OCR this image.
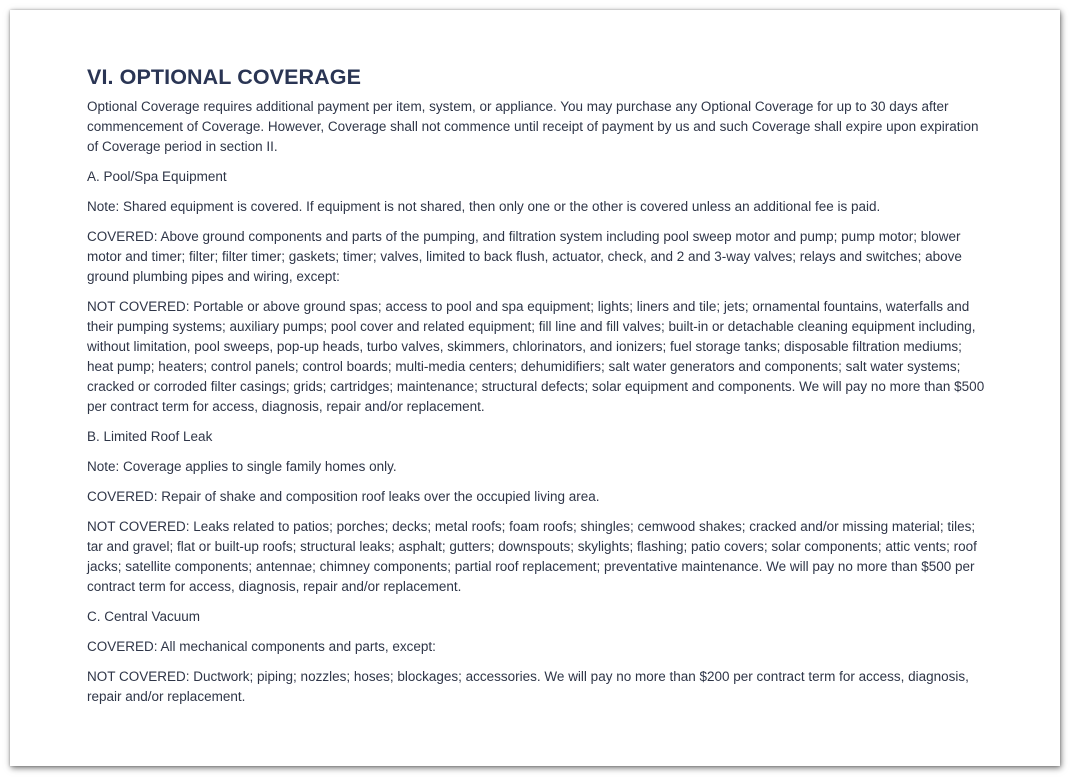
VI. OPTIONAL COVERAGE

Optional Coverage requires additional payment per item, system, or appliance. You may purchase any Optional Coverage for up to 30 days after commencement of Coverage. However, Coverage shall not commence until receipt of payment by us and such Coverage shall expire upon expiration of Coverage period in section II.

A. Pool/Spa Equipment

Note: Shared equipment is covered. If equipment is not shared, then only one or the other is covered unless an additional fee is paid.

COVERED: Above ground components and parts of the pumping, and filtration system including pool sweep motor and pump; pump motor; blower motor and timer; filter; filter timer; gaskets; timer; valves, limited to back flush, actuator, check, and 2 and 3-way valves; relays and switches; above ground plumbing pipes and wiring, except:

NOT COVERED: Portable or above ground spas; access to pool and spa equipment; lights; liners and tile; jets; ornamental fountains, waterfalls and their pumping systems; auxiliary pumps; pool cover and related equipment; fill line and fill valves; built-in or detachable cleaning equipment including, without limitation, pool sweeps, pop-up heads, turbo valves, skimmers, chlorinators, and ionizers; fuel storage tanks; disposable filtration mediums; heat pump; heaters; control panels; control boards; multi-media centers; dehumidifiers; salt water generators and components; salt water systems; cracked or corroded filter casings; grids; cartridges; maintenance; structural defects; solar equipment and components. We will pay no more than $500 per contract term for access, diagnosis, repair and/or replacement.

B. Limited Roof Leak

Note: Coverage applies to single family homes only.

COVERED: Repair of shake and composition roof leaks over the occupied living area.

NOT COVERED: Leaks related to patios; porches; decks; metal roofs; foam roofs; shingles; cemwood shakes; cracked and/or missing material; tiles; tar and gravel; flat or built-up roofs; structural leaks; asphalt; gutters; downspouts; skylights; flashing; patio covers; solar components; attic vents; roof jacks; satellite components; antennae; chimney components; partial roof replacement; preventative maintenance. We will pay no more than $500 per contract term for access, diagnosis, repair and/or replacement.

C. Central Vacuum

COVERED: All mechanical components and parts, except:

NOT COVERED: Ductwork; piping; nozzles; hoses; blockages; accessories. We will pay no more than $200 per contract term for access, diagnosis, repair and/or replacement.
